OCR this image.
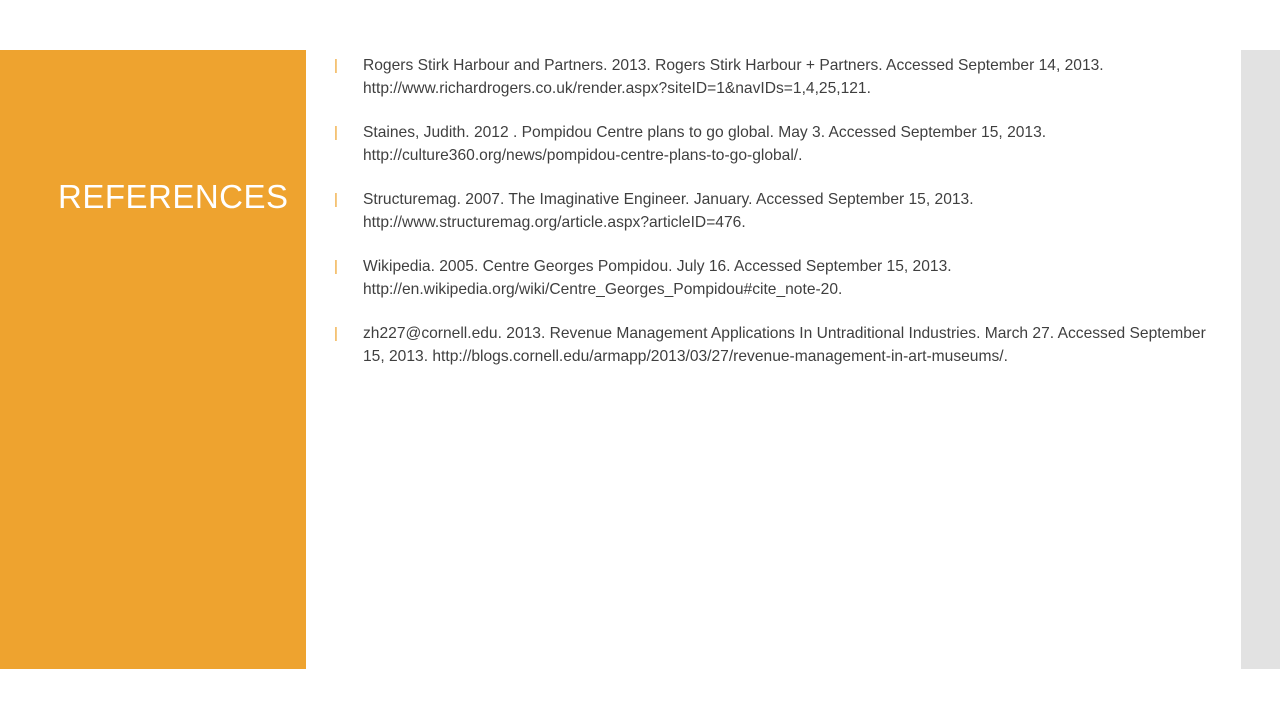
REFERENCES
| Rogers Stirk Harbour and Partners. 2013. Rogers Stirk Harbour + Partners. Accessed September 14, 2013. http://www.richardrogers.co.uk/render.aspx?siteID=1&navIDs=1,4,25,121.
| Staines, Judith. 2012 . Pompidou Centre plans to go global. May 3. Accessed September 15, 2013. http://culture360.org/news/pompidou-centre-plans-to-go-global/.
| Structuremag. 2007. The Imaginative Engineer. January. Accessed September 15, 2013. http://www.structuremag.org/article.aspx?articleID=476.
| Wikipedia. 2005. Centre Georges Pompidou. July 16. Accessed September 15, 2013. http://en.wikipedia.org/wiki/Centre_Georges_Pompidou#cite_note-20.
| zh227@cornell.edu. 2013. Revenue Management Applications In Untraditional Industries. March 27. Accessed September 15, 2013. http://blogs.cornell.edu/armapp/2013/03/27/revenue-management-in-art-museums/.
